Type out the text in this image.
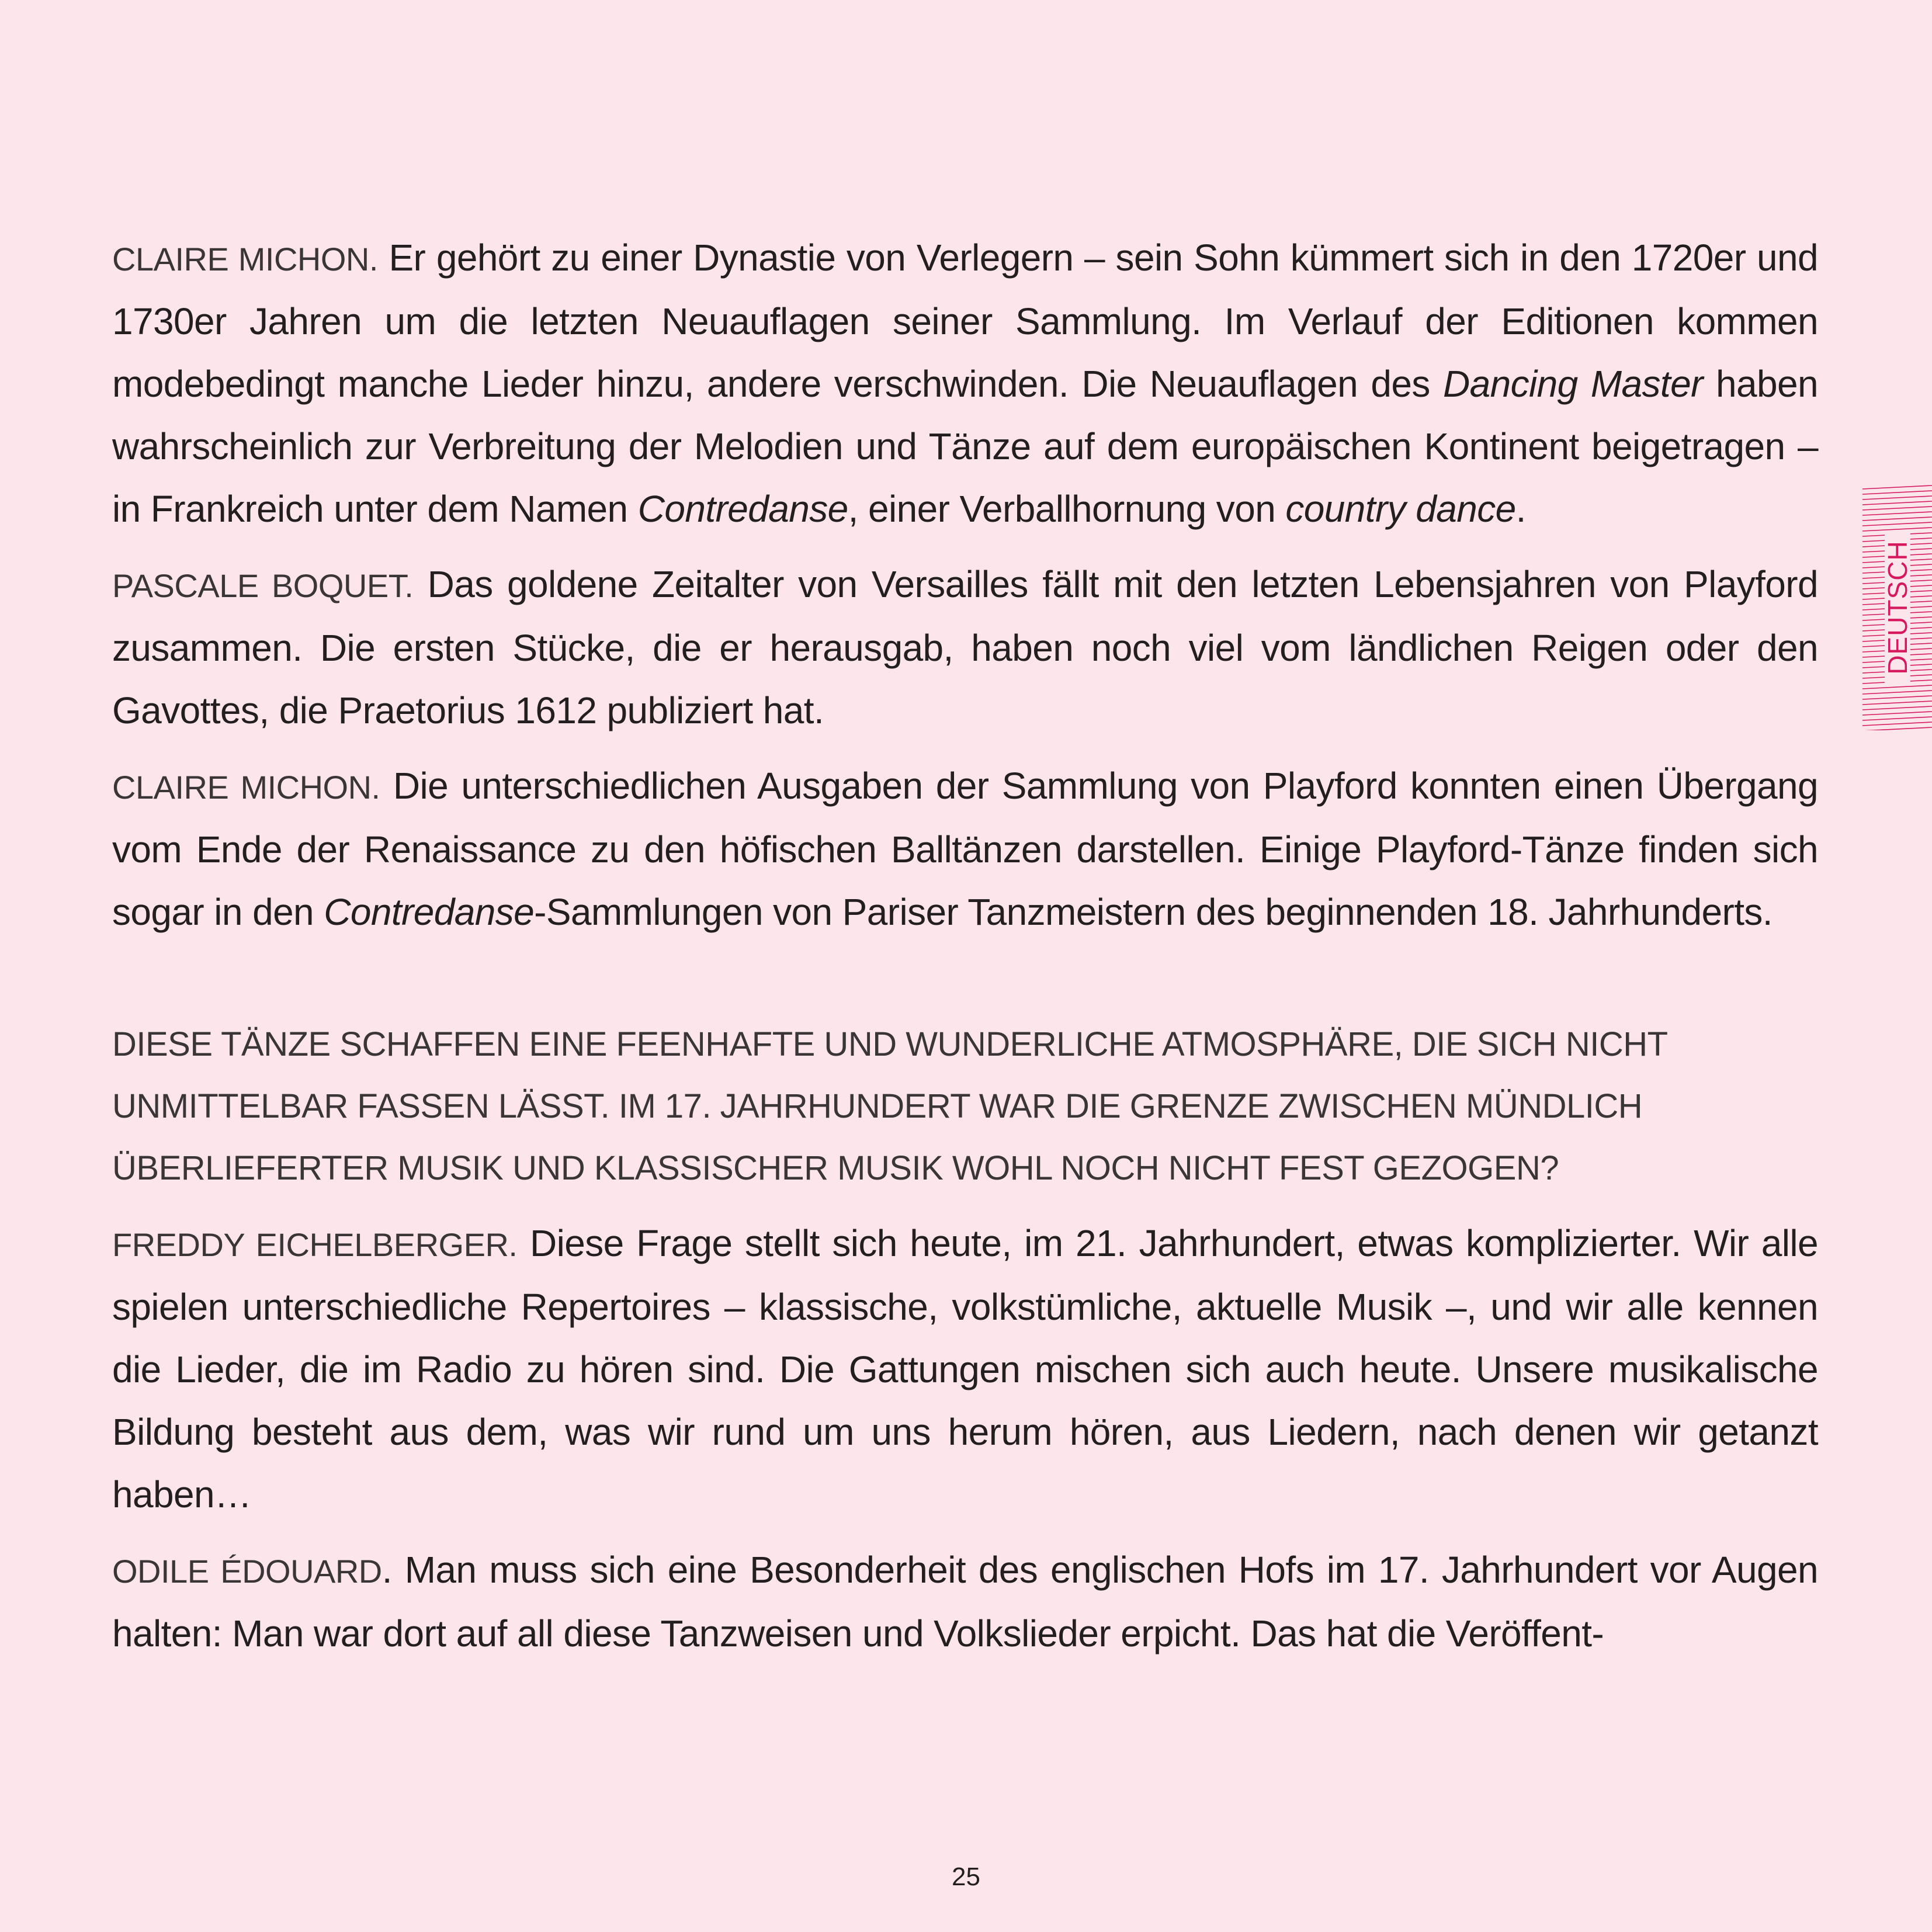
DEUTSCH

CLAIRE MICHON. Er gehört zu einer Dynastie von Verlegern – sein Sohn kümmert sich in den 1720er und 1730er Jahren um die letzten Neuauflagen seiner Sammlung. Im Verlauf der Editionen kommen modebedingt manche Lieder hinzu, andere verschwinden. Die Neuauflagen des Dancing Master haben wahrscheinlich zur Verbreitung der Melodien und Tänze auf dem europäischen Kontinent beigetragen – in Frankreich unter dem Namen Contredanse, einer Verballhornung von country dance.

PASCALE BOQUET. Das goldene Zeitalter von Versailles fällt mit den letzten Lebensjahren von Playford zusammen. Die ersten Stücke, die er herausgab, haben noch viel vom ländlichen Reigen oder den Gavottes, die Praetorius 1612 publiziert hat.

CLAIRE MICHON. Die unterschiedlichen Ausgaben der Sammlung von Playford konnten einen Übergang vom Ende der Renaissance zu den höfischen Balltänzen darstellen. Einige Playford-Tänze finden sich sogar in den Contredanse-Sammlungen von Pariser Tanzmeistern des beginnenden 18. Jahrhunderts.

DIESE TÄNZE SCHAFFEN EINE FEENHAFTE UND WUNDERLICHE ATMOSPHÄRE, DIE SICH NICHT UNMITTELBAR FASSEN LÄSST. IM 17. JAHRHUNDERT WAR DIE GRENZE ZWISCHEN MÜNDLICH ÜBERLIEFERTER MUSIK UND KLASSISCHER MUSIK WOHL NOCH NICHT FEST GEZOGEN?

FREDDY EICHELBERGER. Diese Frage stellt sich heute, im 21. Jahrhundert, etwas komplizierter. Wir alle spielen unterschiedliche Repertoires – klassische, volkstümliche, aktuelle Musik –, und wir alle kennen die Lieder, die im Radio zu hören sind. Die Gattungen mischen sich auch heute. Unsere musikalische Bildung besteht aus dem, was wir rund um uns herum hören, aus Liedern, nach denen wir getanzt haben…

ODILE ÉDOUARD. Man muss sich eine Besonderheit des englischen Hofs im 17. Jahrhundert vor Augen halten: Man war dort auf all diese Tanzweisen und Volkslieder erpicht. Das hat die Veröffent-

25
